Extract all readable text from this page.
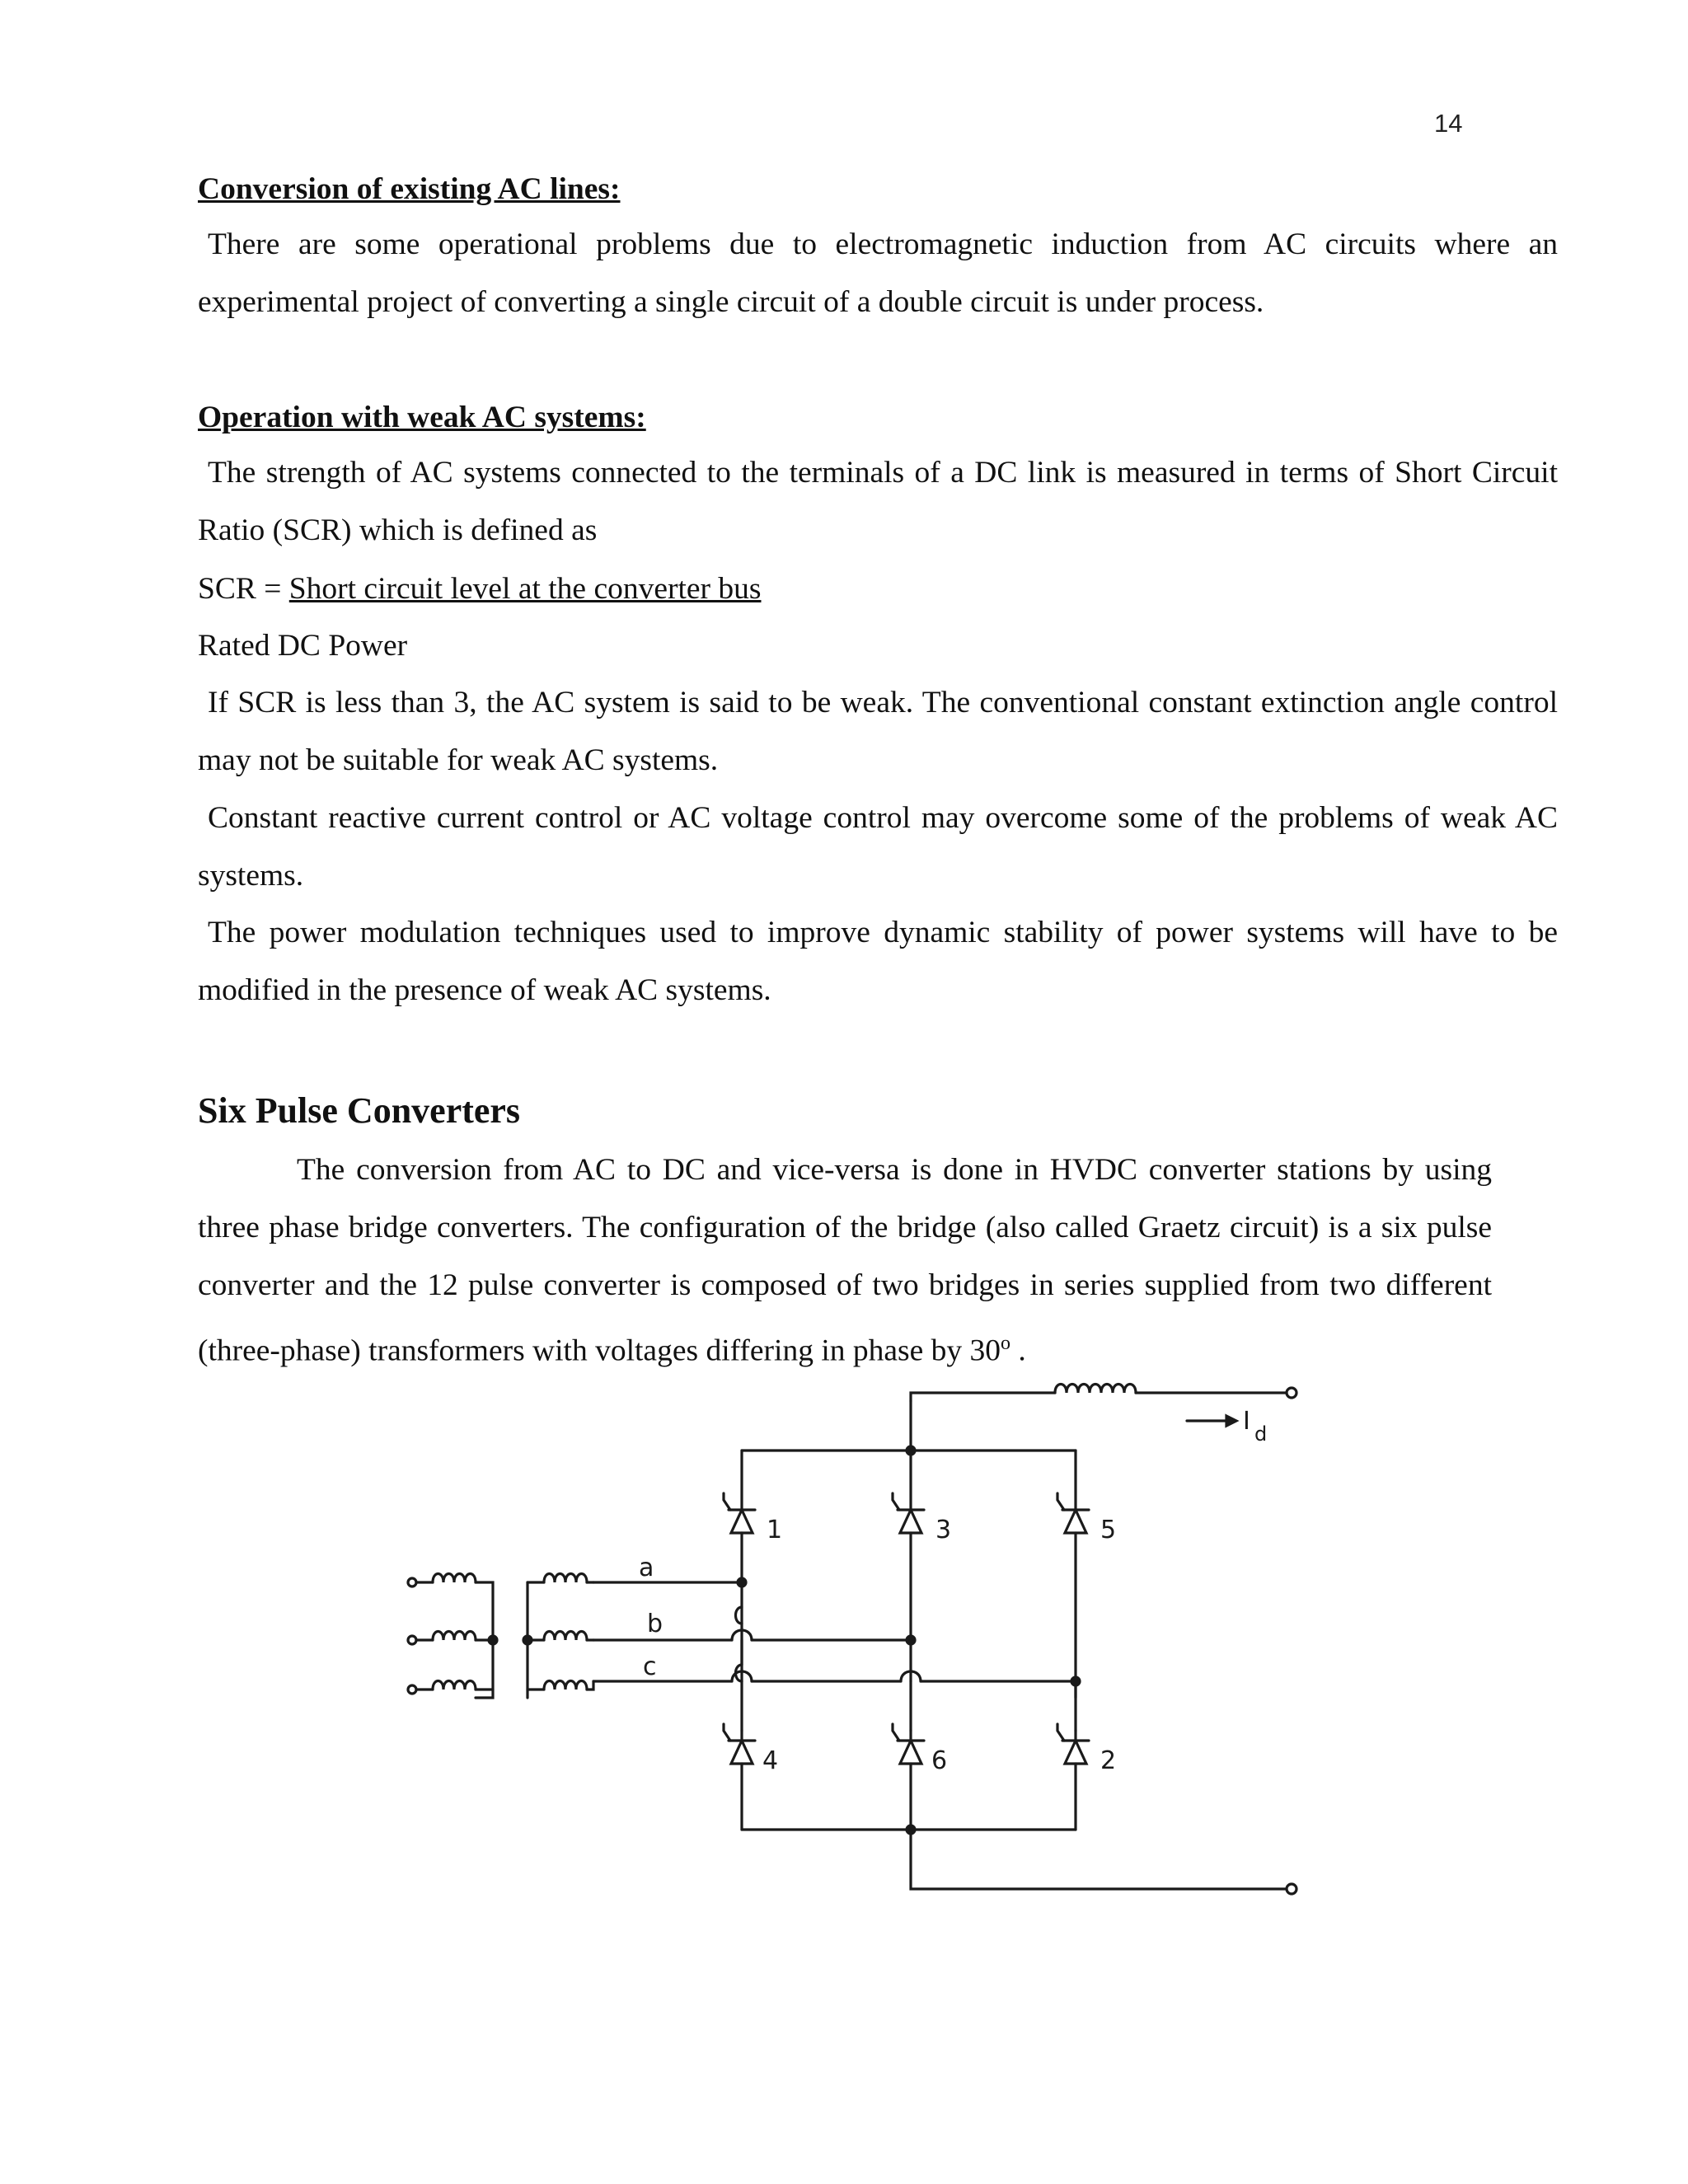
14
Conversion of existing AC lines:

There are some operational problems due to electromagnetic induction from AC circuits where an experimental project of converting a single circuit of a double circuit is under process.

Operation with weak AC systems:

The strength of AC systems connected to the terminals of a DC link is measured in terms of Short Circuit Ratio (SCR) which is defined as

SCR = Short circuit level at the converter bus

Rated DC Power

If SCR is less than 3, the AC system is said to be weak. The conventional constant extinction angle control may not be suitable for weak AC systems.

Constant reactive current control or AC voltage control may overcome some of the problems of weak AC systems.

The power modulation techniques used to improve dynamic stability of power systems will have to be modified in the presence of weak AC systems.

Six Pulse Converters

The conversion from AC to DC and vice-versa is done in HVDC converter stations by using three phase bridge converters. The configuration of the bridge (also called Graetz circuit) is a six pulse converter and the 12 pulse converter is composed of two bridges in series supplied from two different (three-phase) transformers with voltages differing in phase by 30$^o$ .

I d
1	3	5
a
b
c
4	6	2
